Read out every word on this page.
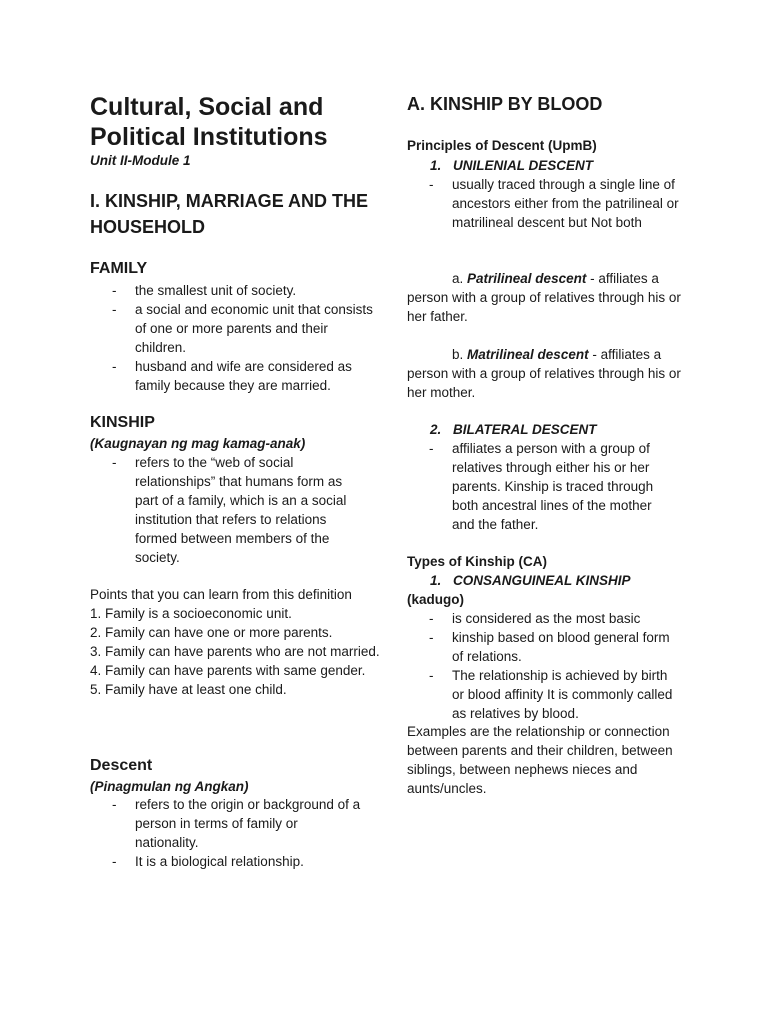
Cultural, Social and Political Institutions
Unit II-Module 1
I. KINSHIP, MARRIAGE AND THE HOUSEHOLD
FAMILY
- the smallest unit of society.
- a social and economic unit that consists of one or more parents and their children.
- husband and wife are considered as family because they are married.
KINSHIP
(Kaugnayan ng mag kamag-anak)
- refers to the “web of social relationships” that humans form as part of a family, which is an a social institution that refers to relations formed between members of the society.
Points that you can learn from this definition
1. Family is a socioeconomic unit.
2. Family can have one or more parents.
3. Family can have parents who are not married.
4. Family can have parents with same gender.
5. Family have at least one child.
Descent
(Pinagmulan ng Angkan)
- refers to the origin or background of a person in terms of family or nationality.
- It is a biological relationship.
A. KINSHIP BY BLOOD
Principles of Descent (UpmB)
1. UNILENIAL DESCENT
- usually traced through a single line of ancestors either from the patrilineal or matrilineal descent but Not both
a. Patrilineal descent - affiliates a person with a group of relatives through his or her father.
b. Matrilineal descent - affiliates a person with a group of relatives through his or her mother.
2. BILATERAL DESCENT
- affiliates a person with a group of relatives through either his or her parents. Kinship is traced through both ancestral lines of the mother and the father.
Types of Kinship (CA)
1. CONSANGUINEAL KINSHIP
(kadugo)
- is considered as the most basic
- kinship based on blood general form of relations.
- The relationship is achieved by birth or blood affinity It is commonly called as relatives by blood.
Examples are the relationship or connection between parents and their children, between siblings, between nephews nieces and aunts/uncles.
